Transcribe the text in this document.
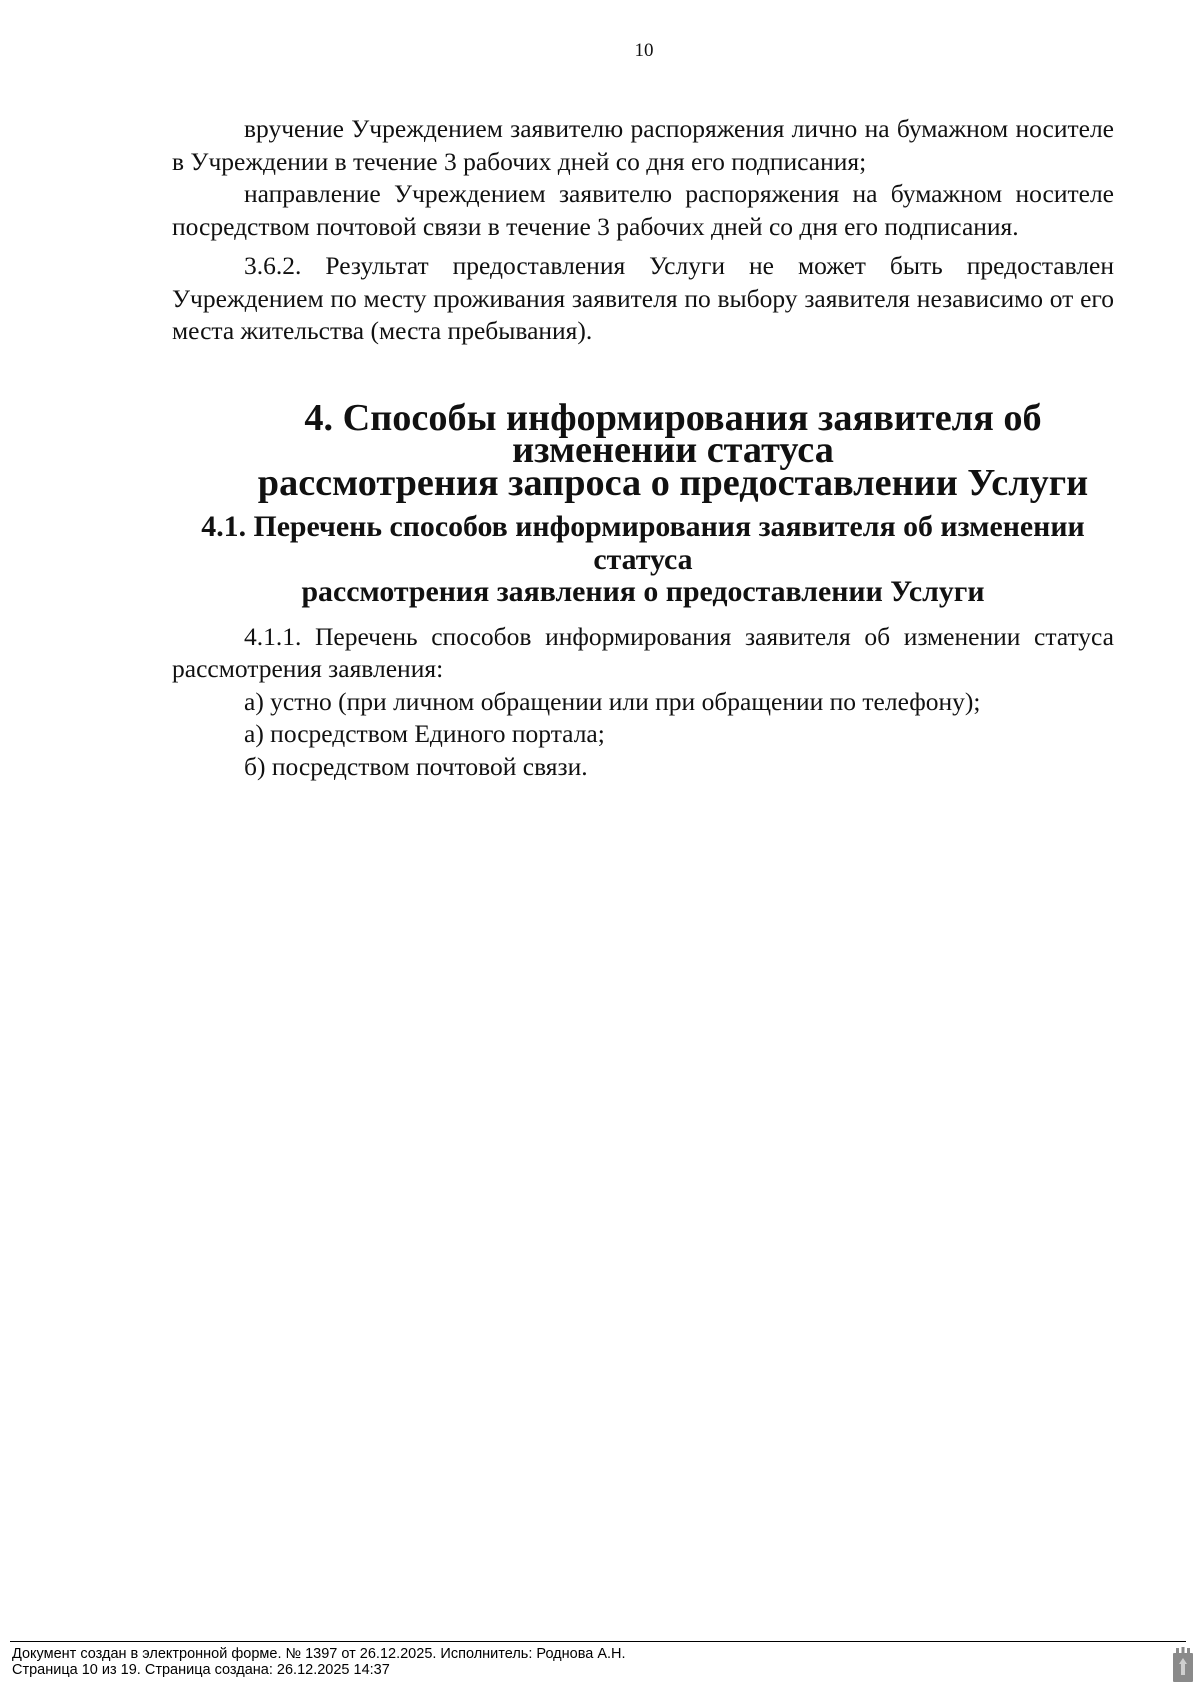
10

вручение Учреждением заявителю распоряжения лично на бумажном носителе в Учреждении в течение 3 рабочих дней со дня его подписания;

направление Учреждением заявителю распоряжения на бумажном носителе посредством почтовой связи в течение 3 рабочих дней со дня его подписания.

3.6.2. Результат предоставления Услуги не может быть предоставлен Учреждением по месту проживания заявителя по выбору заявителя независимо от его места жительства (места пребывания).

4. Способы информирования заявителя об изменении статуса
рассмотрения запроса о предоставлении Услуги
4.1. Перечень способов информирования заявителя об изменении статуса
рассмотрения заявления о предоставлении Услуги

4.1.1. Перечень способов информирования заявителя об изменении статуса рассмотрения заявления:

а) устно (при личном обращении или при обращении по телефону);

а) посредством Единого портала;

б) посредством почтовой связи.

Документ создан в электронной форме. № 1397 от 26.12.2025. Исполнитель: Роднова А.Н.
Страница 10 из 19. Страница создана: 26.12.2025 14:37
